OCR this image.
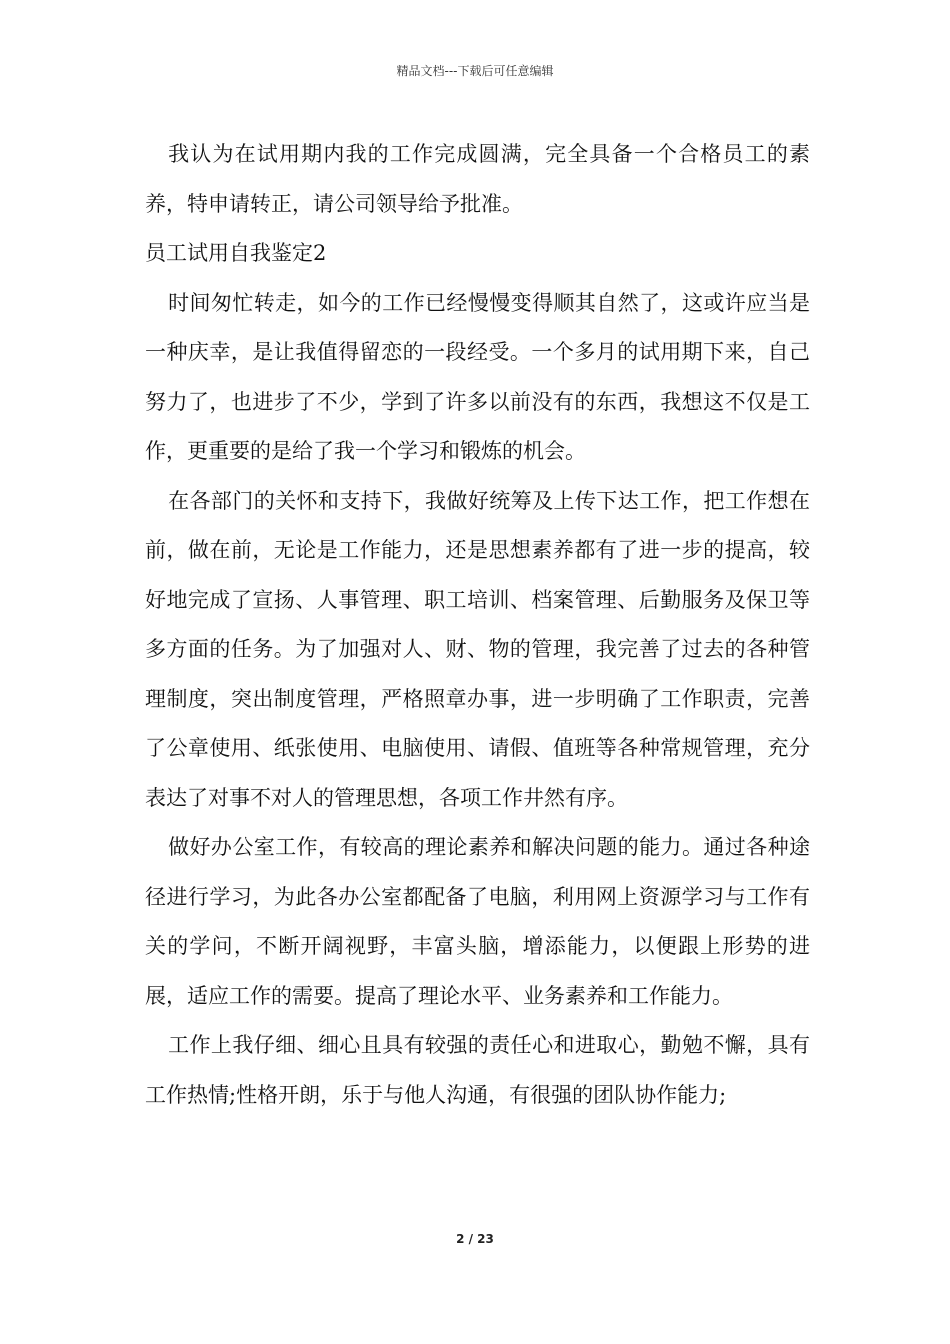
精品文档---下载后可任意编辑

我认为在试用期内我的工作完成圆满，完全具备一个合格员工的素养，特申请转正，请公司领导给予批准。

员工试用自我鉴定2

时间匆忙转走，如今的工作已经慢慢变得顺其自然了，这或许应当是一种庆幸，是让我值得留恋的一段经受。一个多月的试用期下来，自己努力了，也进步了不少，学到了许多以前没有的东西，我想这不仅是工作，更重要的是给了我一个学习和锻炼的机会。

在各部门的关怀和支持下，我做好统筹及上传下达工作，把工作想在前，做在前，无论是工作能力，还是思想素养都有了进一步的提高，较好地完成了宣扬、人事管理、职工培训、档案管理、后勤服务及保卫等多方面的任务。为了加强对人、财、物的管理，我完善了过去的各种管理制度，突出制度管理，严格照章办事，进一步明确了工作职责，完善了公章使用、纸张使用、电脑使用、请假、值班等各种常规管理，充分表达了对事不对人的管理思想，各项工作井然有序。

做好办公室工作，有较高的理论素养和解决问题的能力。通过各种途径进行学习，为此各办公室都配备了电脑，利用网上资源学习与工作有关的学问，不断开阔视野，丰富头脑，增添能力，以便跟上形势的进展，适应工作的需要。提高了理论水平、业务素养和工作能力。

工作上我仔细、细心且具有较强的责任心和进取心，勤勉不懈，具有工作热情;性格开朗，乐于与他人沟通，有很强的团队协作能力;

2 / 23
